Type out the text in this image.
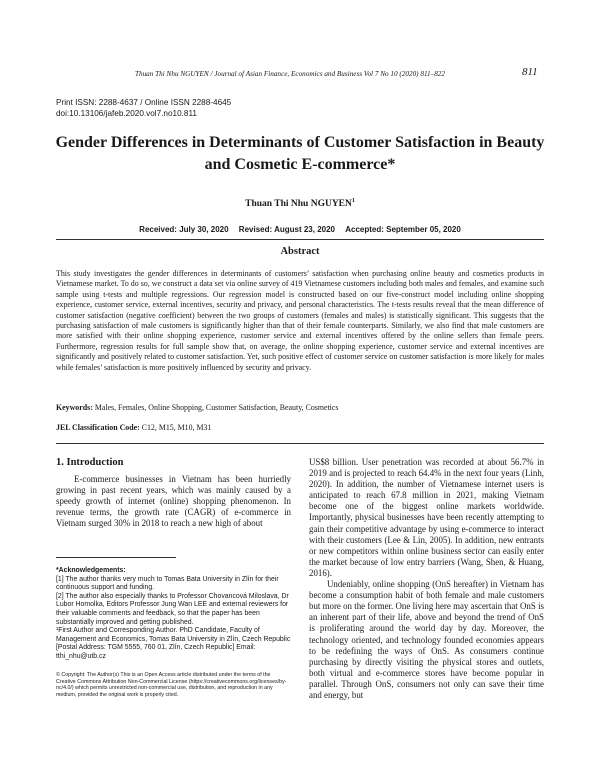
Thuan Thi Nhu NGUYEN / Journal of Asian Finance, Economics and Business Vol 7 No 10 (2020) 811–822	811
Print ISSN: 2288-4637 / Online ISSN 2288-4645
doi:10.13106/jafeb.2020.vol7.no10.811
Gender Differences in Determinants of Customer Satisfaction in Beauty
and Cosmetic E-commerce*
Thuan Thi Nhu NGUYEN$^1$
Received: July 30, 2020 Revised: August 23, 2020 Accepted: September 05, 2020
Abstract

This study investigates the gender differences in determinants of customers’ satisfaction when purchasing online beauty and cosmetics products in Vietnamese market. To do so, we construct a data set via online survey of 419 Vietnamese customers including both males and females, and examine such sample using t-tests and multiple regressions. Our regression model is constructed based on our five-construct model including online shopping experience, customer service, external incentives, security and privacy, and personal characteristics. The t-tests results reveal that the mean difference of customer satisfaction (negative coefficient) between the two groups of customers (females and males) is statistically significant. This suggests that the purchasing satisfaction of male customers is significantly higher than that of their female counterparts. Similarly, we also find that male customers are more satisfied with their online shopping experience, customer service and external incentives offered by the online sellers than female peers. Furthermore, regression results for full sample show that, on average, the online shopping experience, customer service and external incentives are significantly and positively related to customer satisfaction. Yet, such positive effect of customer service on customer satisfaction is more likely for males while females’ satisfaction is more positively influenced by security and privacy.

Keywords: Males, Females, Online Shopping, Customer Satisfaction, Beauty, Cosmetics
JEL Classification Code: C12, M15, M10, M31
1. Introduction

E-commerce businesses in Vietnam has been hurriedly growing in past recent years, which was mainly caused by a speedy growth of internet (online) shopping phenomenon. In revenue terms, the growth rate (CAGR) of e-commerce in Vietnam surged 30% in 2018 to reach a new high of about

*Acknowledgements:

[1] The author thanks very much to Tomas Bata University in Zlín for their continuous support and funding.

[2] The author also especially thanks to Professor Chovancová Miloslava, Dr Lubor Homolka, Editors Professor Jung Wan LEE and external reviewers for their valuable comments and feedback, so that the paper has been substantially improved and getting published.

¹First Author and Corresponding Author. PhD Candidate, Faculty of Management and Economics, Tomas Bata University in Zlín, Czech Republic [Postal Address: TGM 5555, 760 01, Zlín, Czech Republic] Email: tthi_nhu@utb.cz

© Copyright: The Author(s) This is an Open Access article distributed under the terms of the Creative Commons Attribution Non-Commercial License (https://creativecommons.org/licenses/by-nc/4.0/) which permits unrestricted non-commercial use, distribution, and reproduction in any medium, provided the original work is properly cited.

US$8 billion. User penetration was recorded at about 56.7% in 2019 and is projected to reach 64.4% in the next four years (Linh, 2020). In addition, the number of Vietnamese internet users is anticipated to reach 67.8 million in 2021, making Vietnam become one of the biggest online markets worldwide. Importantly, physical businesses have been recently attempting to gain their competitive advantage by using e-commerce to interact with their customers (Lee & Lin, 2005). In addition, new entrants or new competitors within online business sector can easily enter the market because of low entry barriers (Wang, Shen, & Huang, 2016).

Undeniably, online shopping (OnS hereafter) in Vietnam has become a consumption habit of both female and male customers but more on the former. One living here may ascertain that OnS is an inherent part of their life, above and beyond the trend of OnS is proliferating around the world day by day. Moreover, the technology oriented, and technology founded economies appears to be redefining the ways of OnS. As consumers continue purchasing by directly visiting the physical stores and outlets, both virtual and e-commerce stores have become popular in parallel. Through OnS, consumers not only can save their time and energy, but
